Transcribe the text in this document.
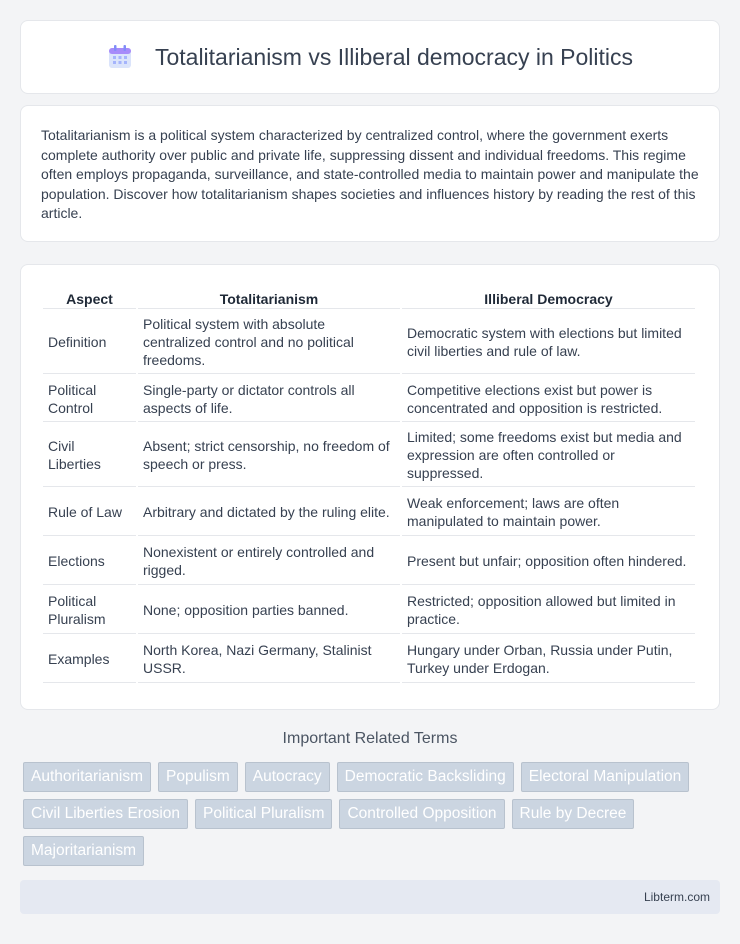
Totalitarianism vs Illiberal democracy in Politics

Totalitarianism is a political system characterized by centralized control, where the government exerts complete authority over public and private life, suppressing dissent and individual freedoms. This regime often employs propaganda, surveillance, and state-controlled media to maintain power and manipulate the population. Discover how totalitarianism shapes societies and influences history by reading the rest of this article.

Aspect	Totalitarianism	Illiberal Democracy
Definition	Political system with absolute centralized control and no political freedoms.	Democratic system with elections but limited civil liberties and rule of law.
Political Control	Single-party or dictator controls all aspects of life.	Competitive elections exist but power is concentrated and opposition is restricted.
Civil Liberties	Absent; strict censorship, no freedom of speech or press.	Limited; some freedoms exist but media and expression are often controlled or suppressed.
Rule of Law	Arbitrary and dictated by the ruling elite.	Weak enforcement; laws are often manipulated to maintain power.
Elections	Nonexistent or entirely controlled and rigged.	Present but unfair; opposition often hindered.
Political Pluralism	None; opposition parties banned.	Restricted; opposition allowed but limited in practice.
Examples	North Korea, Nazi Germany, Stalinist USSR.	Hungary under Orban, Russia under Putin, Turkey under Erdogan.
Important Related Terms
Authoritarianism	Populism	Autocracy	Democratic Backsliding	Electoral Manipulation
Civil Liberties Erosion	Political Pluralism	Controlled Opposition	Rule by Decree
Majoritarianism
Libterm.com
